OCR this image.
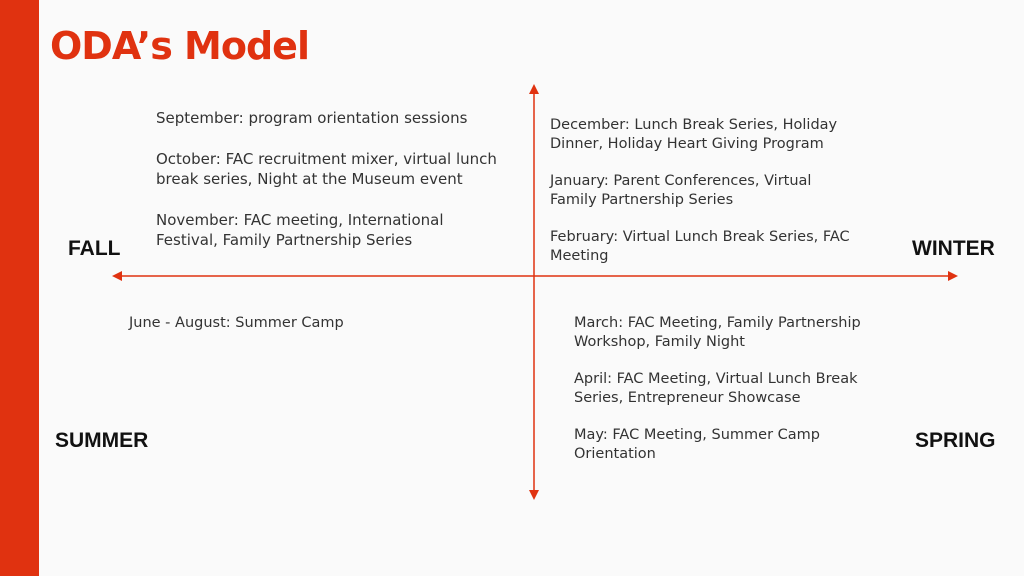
ODA’s Model
FALL	WINTER
SUMMER	SPRING

September: program orientation sessions

October: FAC recruitment mixer, virtual lunch break series, Night at the Museum event

November: FAC meeting, International Festival, Family Partnership Series

December: Lunch Break Series, Holiday Dinner, Holiday Heart Giving Program

January: Parent Conferences, Virtual Family Partnership Series

February: Virtual Lunch Break Series, FAC Meeting

June - August: Summer Camp	March: FAC Meeting, Family Partnership Workshop, Family Night

April: FAC Meeting, Virtual Lunch Break Series, Entrepreneur Showcase

May: FAC Meeting, Summer Camp Orientation
